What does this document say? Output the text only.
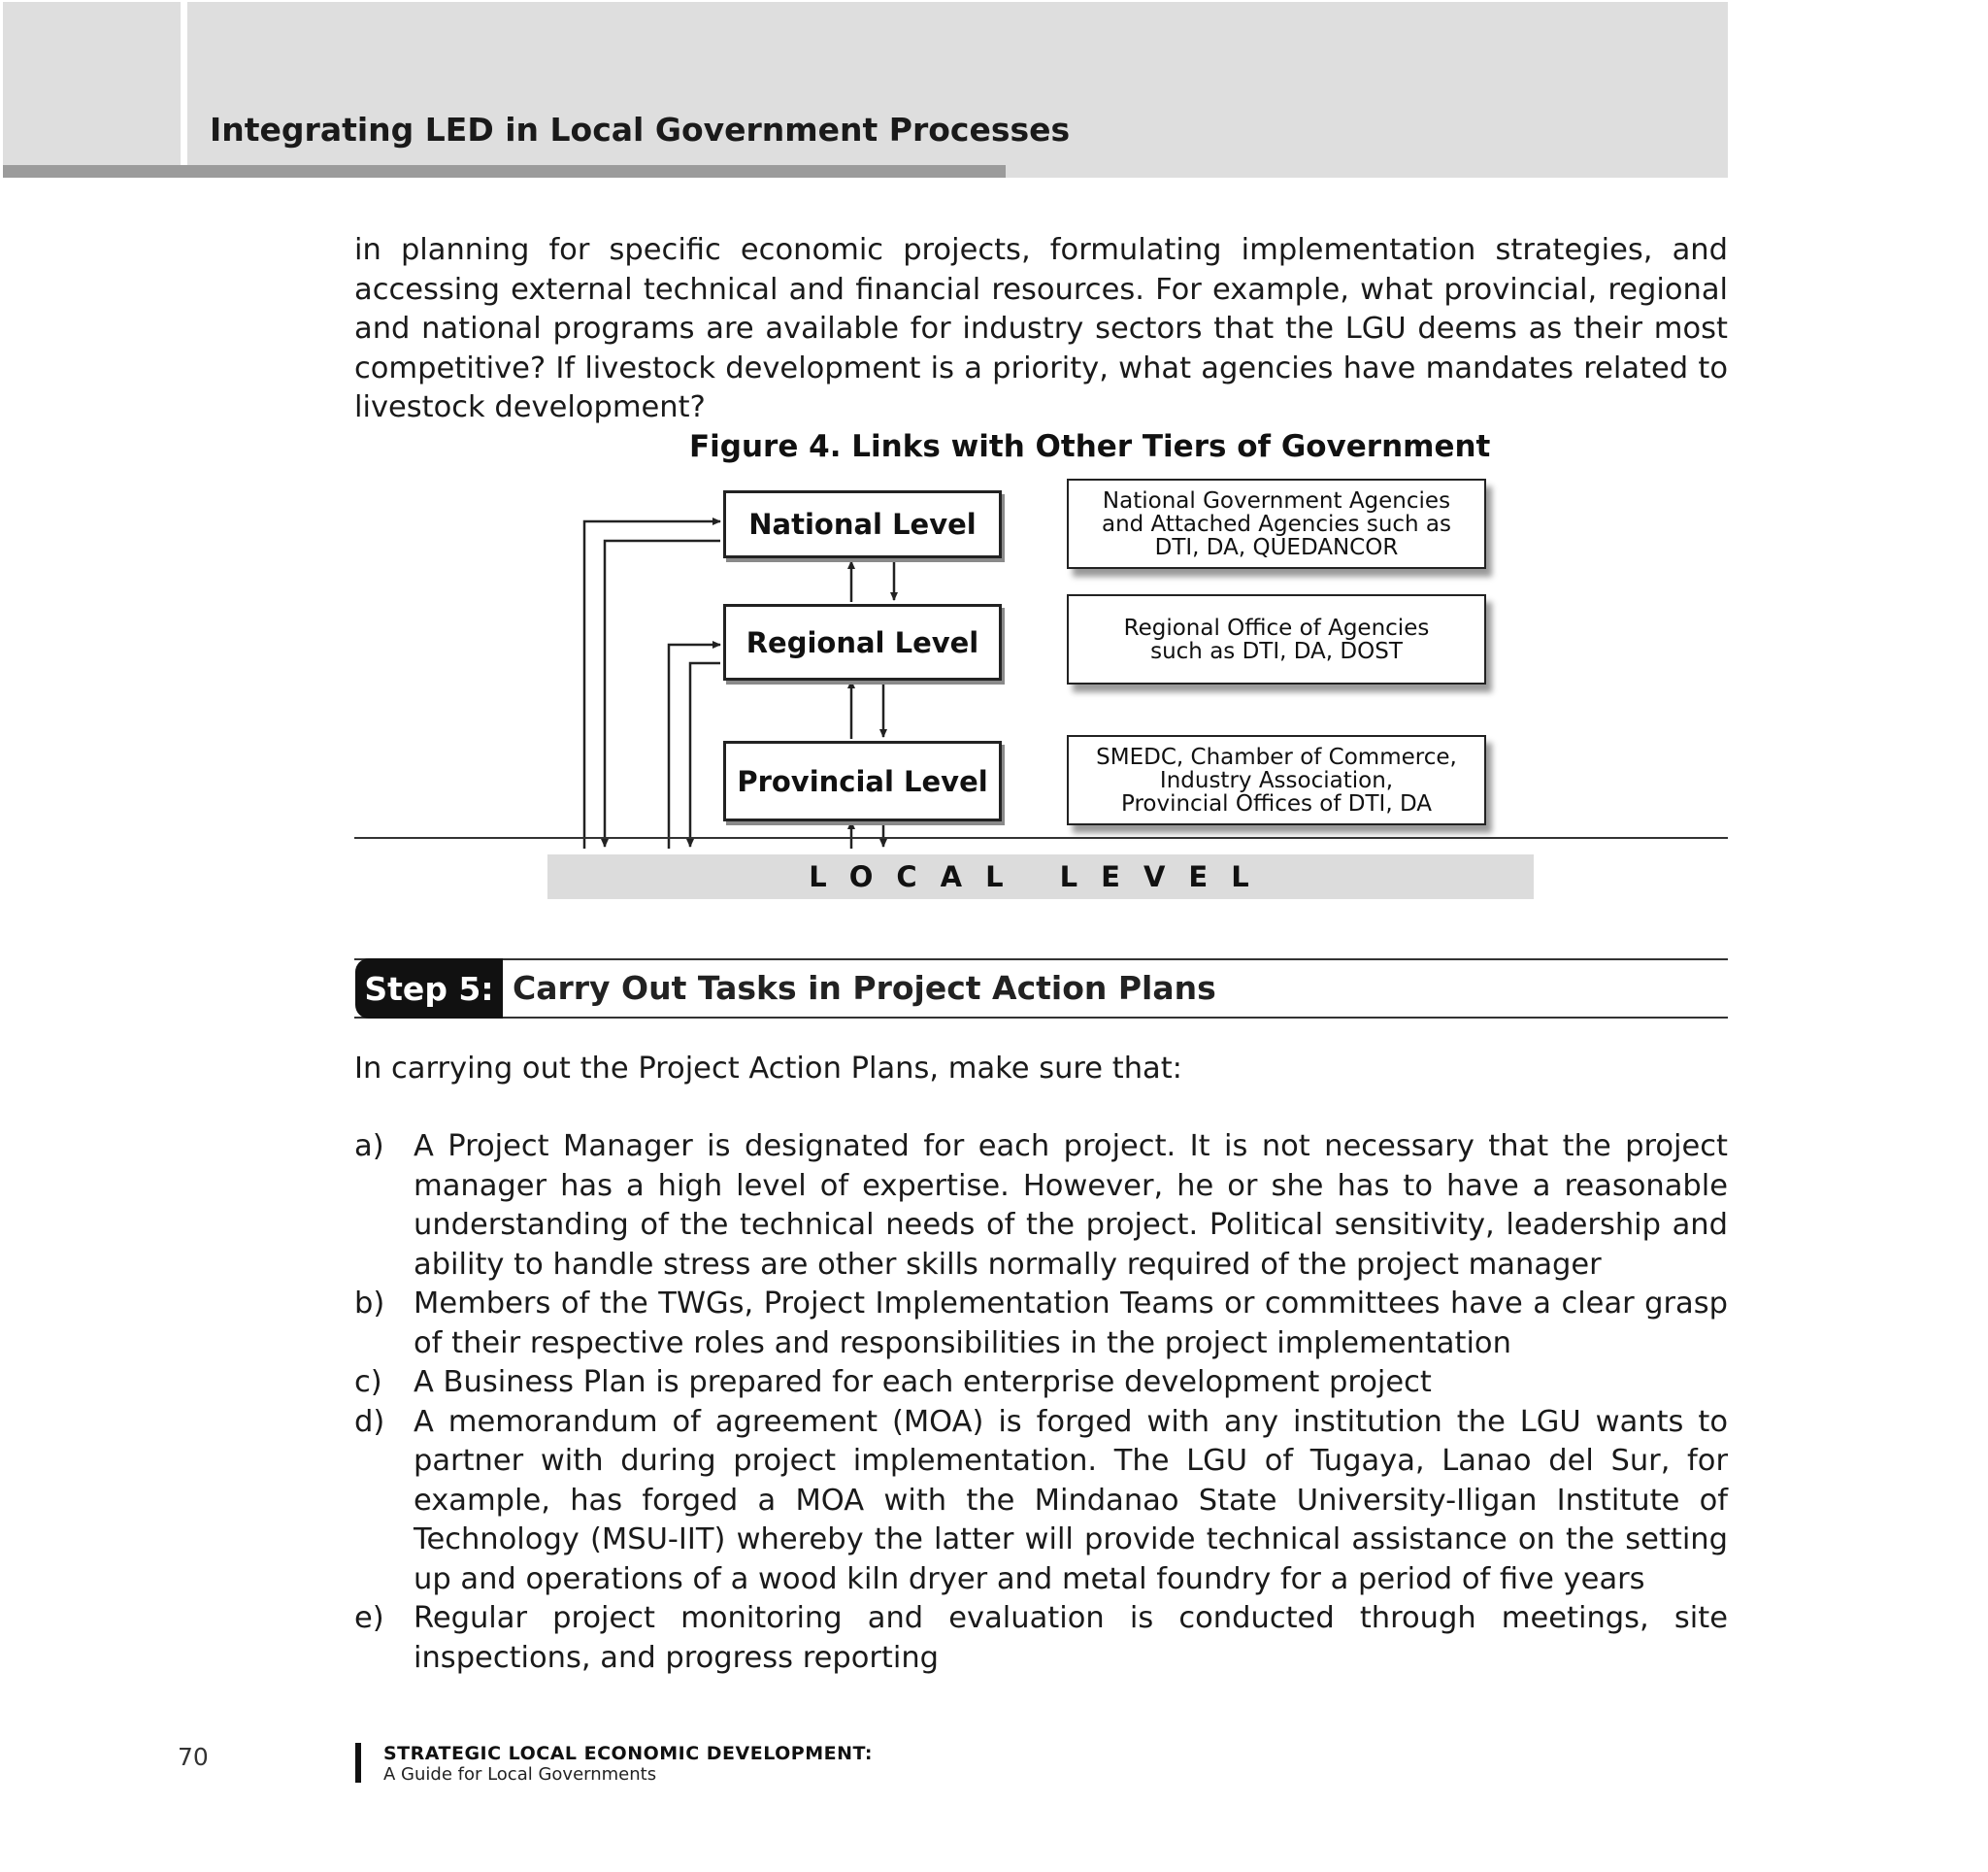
Integrating LED in Local Government Processes
in planning for specific economic projects, formulating implementation strategies, and accessing external technical and financial resources. For example, what provincial, regional and national programs are available for industry sectors that the LGU deems as their most competitive? If livestock development is a priority, what agencies have mandates related to livestock development?
Figure 4. Links with Other Tiers of Government
National Level
Regional Level
Provincial Level
National Government Agencies
and Attached Agencies such as
DTI, DA, QUEDANCOR
Regional Office of Agencies
such as DTI, DA, DOST
SMEDC, Chamber of Commerce,
Industry Association,
Provincial Offices of DTI, DA
LOCAL LEVEL
Step 5: Carry Out Tasks in Project Action Plans
In carrying out the Project Action Plans, make sure that:
a) A Project Manager is designated for each project. It is not necessary that the project manager has a high level of expertise. However, he or she has to have a reasonable understanding of the technical needs of the project. Political sensitivity, leadership and ability to handle stress are other skills normally required of the project manager
b) Members of the TWGs, Project Implementation Teams or committees have a clear grasp of their respective roles and responsibilities in the project implementation
c)	A Business Plan is prepared for each enterprise development project
d) A memorandum of agreement (MOA) is forged with any institution the LGU wants to partner with during project implementation. The LGU of Tugaya, Lanao del Sur, for example, has forged a MOA with the Mindanao State University-Iligan Institute of Technology (MSU-IIT) whereby the latter will provide technical assistance on the setting up and operations of a wood kiln dryer and metal foundry for a period of five years
e) Regular project monitoring and evaluation is conducted through meetings, site inspections, and progress reporting
70	STRATEGIC LOCAL ECONOMIC DEVELOPMENT:
A Guide for Local Governments
